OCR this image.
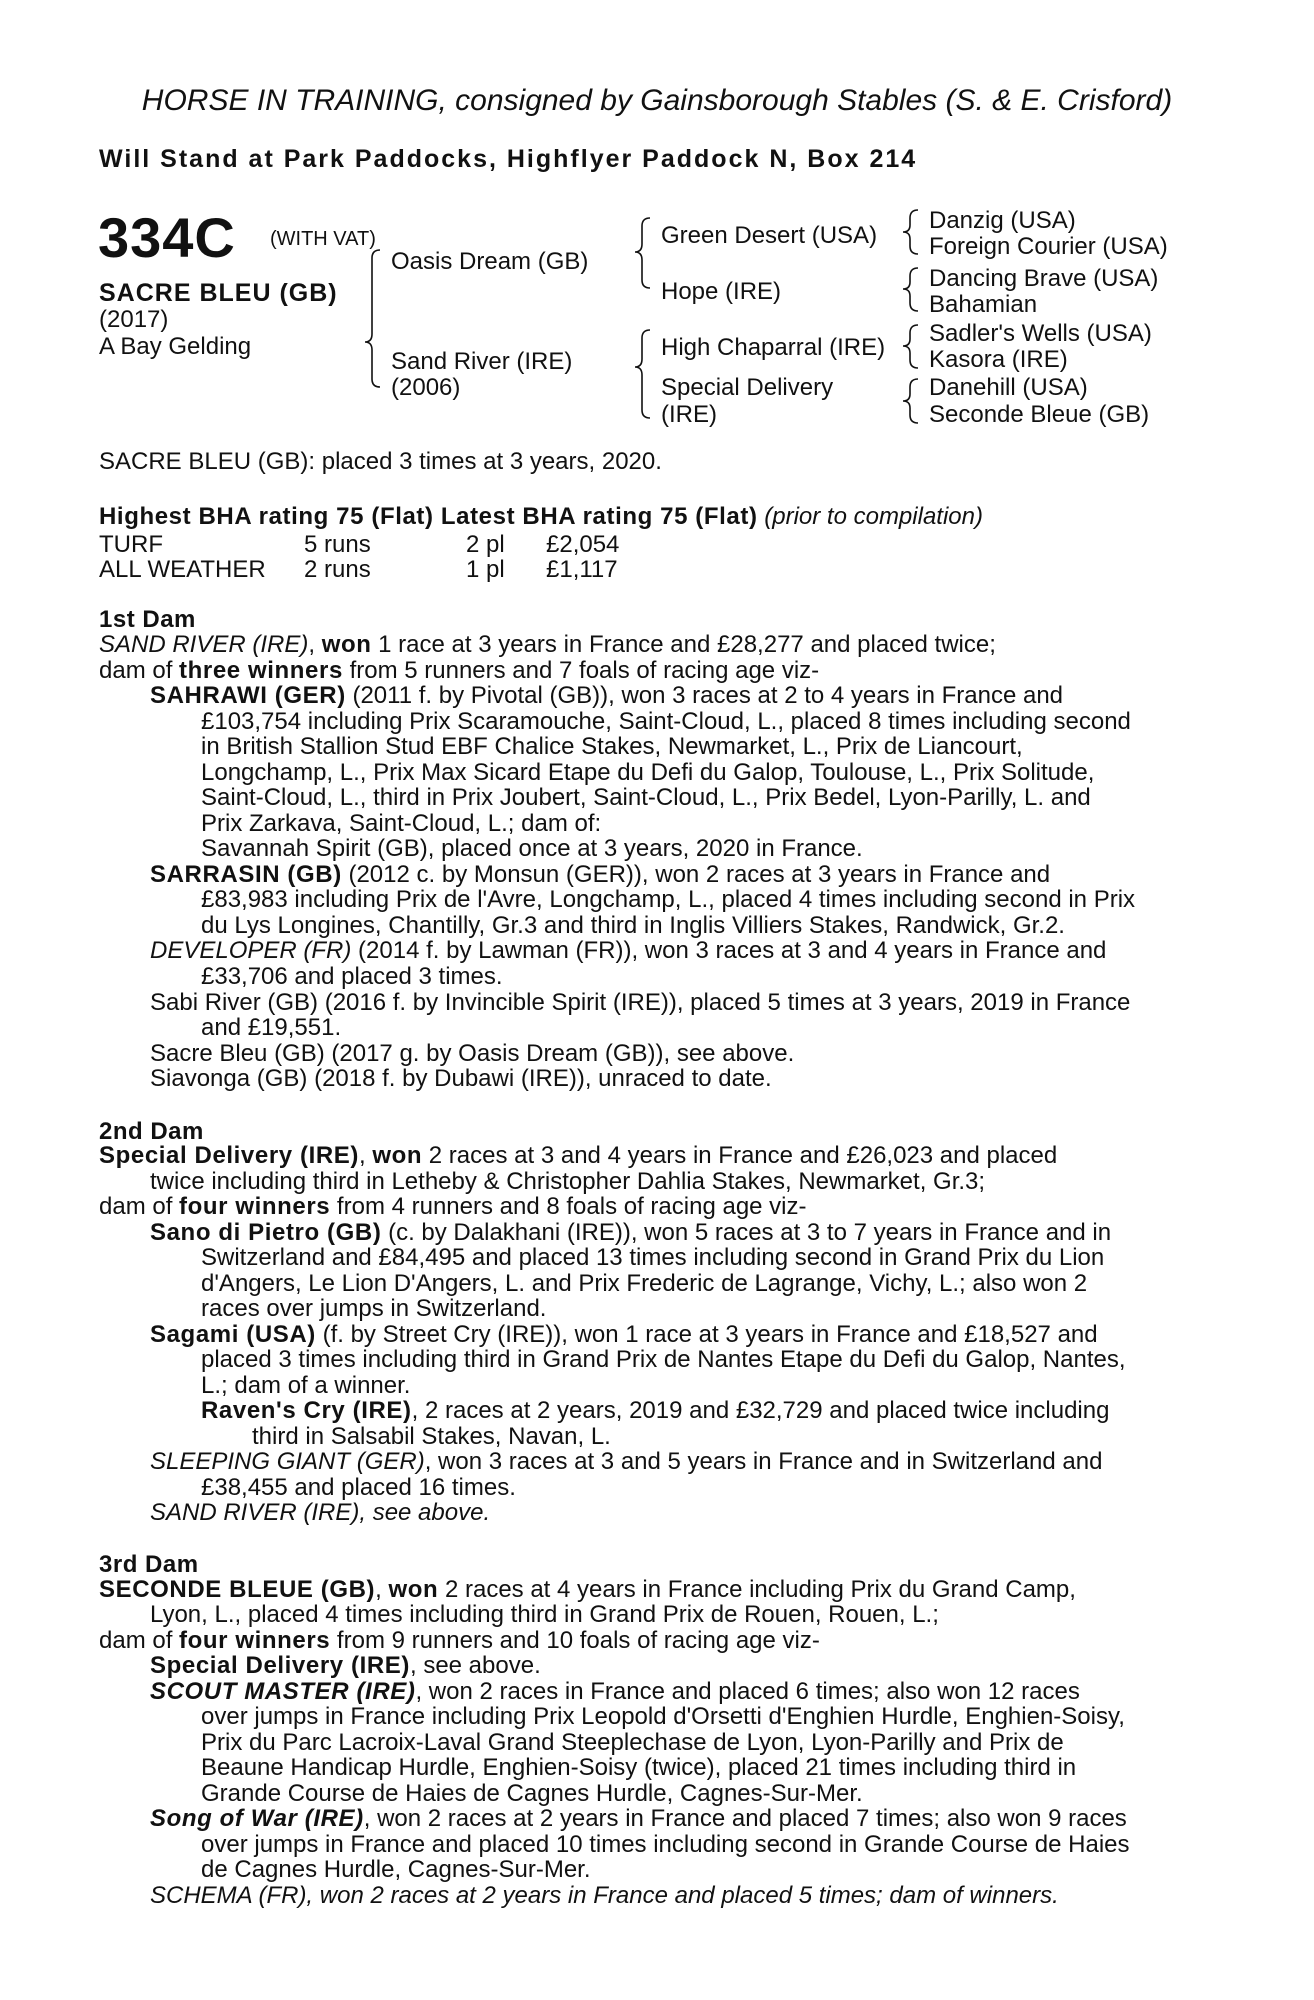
HORSE IN TRAINING, consigned by Gainsborough Stables (S. & E. Crisford)
Will Stand at Park Paddocks, Highflyer Paddock N, Box 214
334C (WITH VAT)
SACRE BLEU (GB)
(2017)
A Bay Gelding
Oasis Dream (GB)
Sand River (IRE)
(2006)
Green Desert (USA)
Hope (IRE)
High Chaparral (IRE)
Special Delivery
(IRE)
Danzig (USA)
Foreign Courier (USA)
Dancing Brave (USA)
Bahamian
Sadler's Wells (USA)
Kasora (IRE)
Danehill (USA)
Seconde Bleue (GB)
SACRE BLEU (GB): placed 3 times at 3 years, 2020.
Highest BHA rating 75 (Flat) Latest BHA rating 75 (Flat) (prior to compilation)
TURF	5 runs	2 pl	£2,054
ALL WEATHER	2 runs	1 pl	£1,117
1st Dam
SAND RIVER (IRE), won 1 race at 3 years in France and £28,277 and placed twice;
dam of three winners from 5 runners and 7 foals of racing age viz-
SAHRAWI (GER) (2011 f. by Pivotal (GB)), won 3 races at 2 to 4 years in France and
£103,754 including Prix Scaramouche, Saint-Cloud, L., placed 8 times including second
in British Stallion Stud EBF Chalice Stakes, Newmarket, L., Prix de Liancourt,
Longchamp, L., Prix Max Sicard Etape du Defi du Galop, Toulouse, L., Prix Solitude,
Saint-Cloud, L., third in Prix Joubert, Saint-Cloud, L., Prix Bedel, Lyon-Parilly, L. and
Prix Zarkava, Saint-Cloud, L.; dam of:
Savannah Spirit (GB), placed once at 3 years, 2020 in France.
SARRASIN (GB) (2012 c. by Monsun (GER)), won 2 races at 3 years in France and
£83,983 including Prix de l'Avre, Longchamp, L., placed 4 times including second in Prix
du Lys Longines, Chantilly, Gr.3 and third in Inglis Villiers Stakes, Randwick, Gr.2.
DEVELOPER (FR) (2014 f. by Lawman (FR)), won 3 races at 3 and 4 years in France and
£33,706 and placed 3 times.
Sabi River (GB) (2016 f. by Invincible Spirit (IRE)), placed 5 times at 3 years, 2019 in France
and £19,551.
Sacre Bleu (GB) (2017 g. by Oasis Dream (GB)), see above.
Siavonga (GB) (2018 f. by Dubawi (IRE)), unraced to date.
2nd Dam
Special Delivery (IRE), won 2 races at 3 and 4 years in France and £26,023 and placed
twice including third in Letheby & Christopher Dahlia Stakes, Newmarket, Gr.3;
dam of four winners from 4 runners and 8 foals of racing age viz-
Sano di Pietro (GB) (c. by Dalakhani (IRE)), won 5 races at 3 to 7 years in France and in
Switzerland and £84,495 and placed 13 times including second in Grand Prix du Lion
d'Angers, Le Lion D'Angers, L. and Prix Frederic de Lagrange, Vichy, L.; also won 2
races over jumps in Switzerland.
Sagami (USA) (f. by Street Cry (IRE)), won 1 race at 3 years in France and £18,527 and
placed 3 times including third in Grand Prix de Nantes Etape du Defi du Galop, Nantes,
L.; dam of a winner.
Raven's Cry (IRE), 2 races at 2 years, 2019 and £32,729 and placed twice including
third in Salsabil Stakes, Navan, L.
SLEEPING GIANT (GER), won 3 races at 3 and 5 years in France and in Switzerland and
£38,455 and placed 16 times.
SAND RIVER (IRE), see above.
3rd Dam
SECONDE BLEUE (GB), won 2 races at 4 years in France including Prix du Grand Camp,
Lyon, L., placed 4 times including third in Grand Prix de Rouen, Rouen, L.;
dam of four winners from 9 runners and 10 foals of racing age viz-
Special Delivery (IRE), see above.
SCOUT MASTER (IRE), won 2 races in France and placed 6 times; also won 12 races
over jumps in France including Prix Leopold d'Orsetti d'Enghien Hurdle, Enghien-Soisy,
Prix du Parc Lacroix-Laval Grand Steeplechase de Lyon, Lyon-Parilly and Prix de
Beaune Handicap Hurdle, Enghien-Soisy (twice), placed 21 times including third in
Grande Course de Haies de Cagnes Hurdle, Cagnes-Sur-Mer.
Song of War (IRE), won 2 races at 2 years in France and placed 7 times; also won 9 races
over jumps in France and placed 10 times including second in Grande Course de Haies
de Cagnes Hurdle, Cagnes-Sur-Mer.
SCHEMA (FR), won 2 races at 2 years in France and placed 5 times; dam of winners.
